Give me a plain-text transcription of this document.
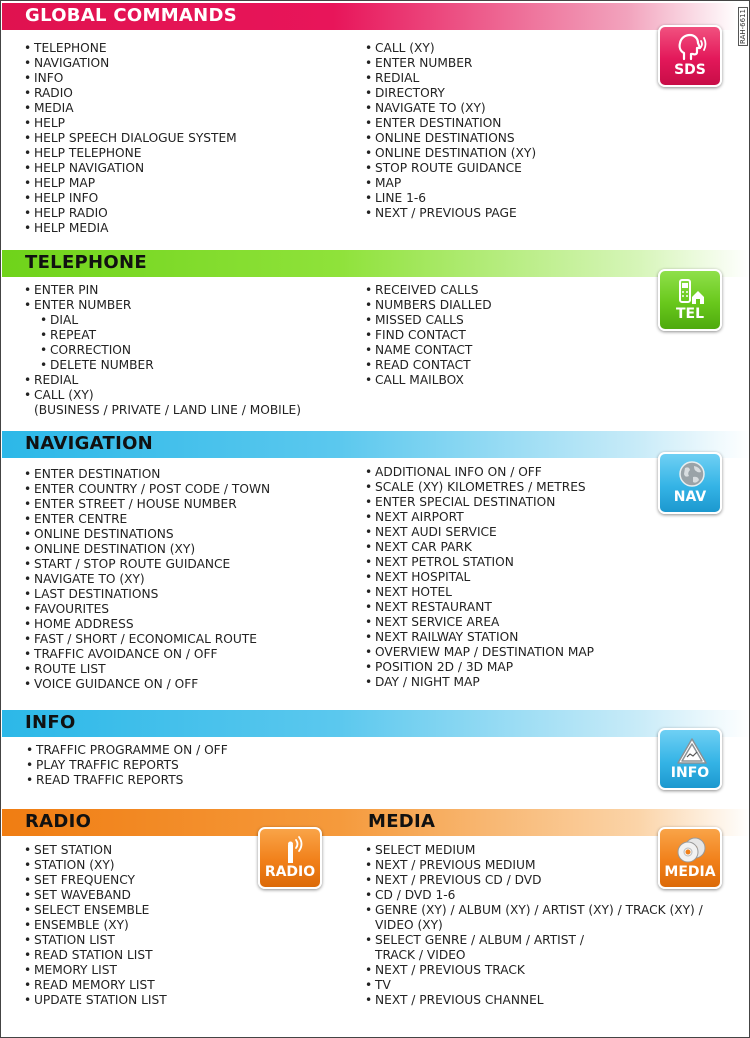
RAH-6611
GLOBAL COMMANDS
• TELEPHONE
• NAVIGATION
• INFO
• RADIO
• MEDIA
• HELP
• HELP SPEECH DIALOGUE SYSTEM
• HELP TELEPHONE
• HELP NAVIGATION
• HELP MAP
• HELP INFO
• HELP RADIO
• HELP MEDIA
• CALL (XY)
• ENTER NUMBER
• REDIAL
• DIRECTORY
• NAVIGATE TO (XY)
• ENTER DESTINATION
• ONLINE DESTINATIONS
• ONLINE DESTINATION (XY)
• STOP ROUTE GUIDANCE
• MAP
• LINE 1-6
• NEXT / PREVIOUS PAGE
SDS
TELEPHONE
• ENTER PIN
• ENTER NUMBER
• DIAL
• REPEAT
• CORRECTION
• DELETE NUMBER
• REDIAL
• CALL (XY)
(BUSINESS / PRIVATE / LAND LINE / MOBILE)
• RECEIVED CALLS
• NUMBERS DIALLED
• MISSED CALLS
• FIND CONTACT
• NAME CONTACT
• READ CONTACT
• CALL MAILBOX
TEL
NAVIGATION
• ENTER DESTINATION
• ENTER COUNTRY / POST CODE / TOWN
• ENTER STREET / HOUSE NUMBER
• ENTER CENTRE
• ONLINE DESTINATIONS
• ONLINE DESTINATION (XY)
• START / STOP ROUTE GUIDANCE
• NAVIGATE TO (XY)
• LAST DESTINATIONS
• FAVOURITES
• HOME ADDRESS
• FAST / SHORT / ECONOMICAL ROUTE
• TRAFFIC AVOIDANCE ON / OFF
• ROUTE LIST
• VOICE GUIDANCE ON / OFF
• ADDITIONAL INFO ON / OFF
• SCALE (XY) KILOMETRES / METRES
• ENTER SPECIAL DESTINATION
• NEXT AIRPORT
• NEXT AUDI SERVICE
• NEXT CAR PARK
• NEXT PETROL STATION
• NEXT HOSPITAL
• NEXT HOTEL
• NEXT RESTAURANT
• NEXT SERVICE AREA
• NEXT RAILWAY STATION
• OVERVIEW MAP / DESTINATION MAP
• POSITION 2D / 3D MAP
• DAY / NIGHT MAP
NAV
INFO
• TRAFFIC PROGRAMME ON / OFF
• PLAY TRAFFIC REPORTS
• READ TRAFFIC REPORTS	INFO
RADIO	MEDIA
• SET STATION
• STATION (XY)
• SET FREQUENCY
• SET WAVEBAND
• SELECT ENSEMBLE
• ENSEMBLE (XY)
• STATION LIST
• READ STATION LIST
• MEMORY LIST
• READ MEMORY LIST
• UPDATE STATION LIST
• SELECT MEDIUM
• NEXT / PREVIOUS MEDIUM
• NEXT / PREVIOUS CD / DVD
• CD / DVD 1-6
• GENRE (XY) / ALBUM (XY) / ARTIST (XY) / TRACK (XY) /
VIDEO (XY)
• SELECT GENRE / ALBUM / ARTIST /
TRACK / VIDEO
• NEXT / PREVIOUS TRACK
• TV
• NEXT / PREVIOUS CHANNEL
RADIO	MEDIA
